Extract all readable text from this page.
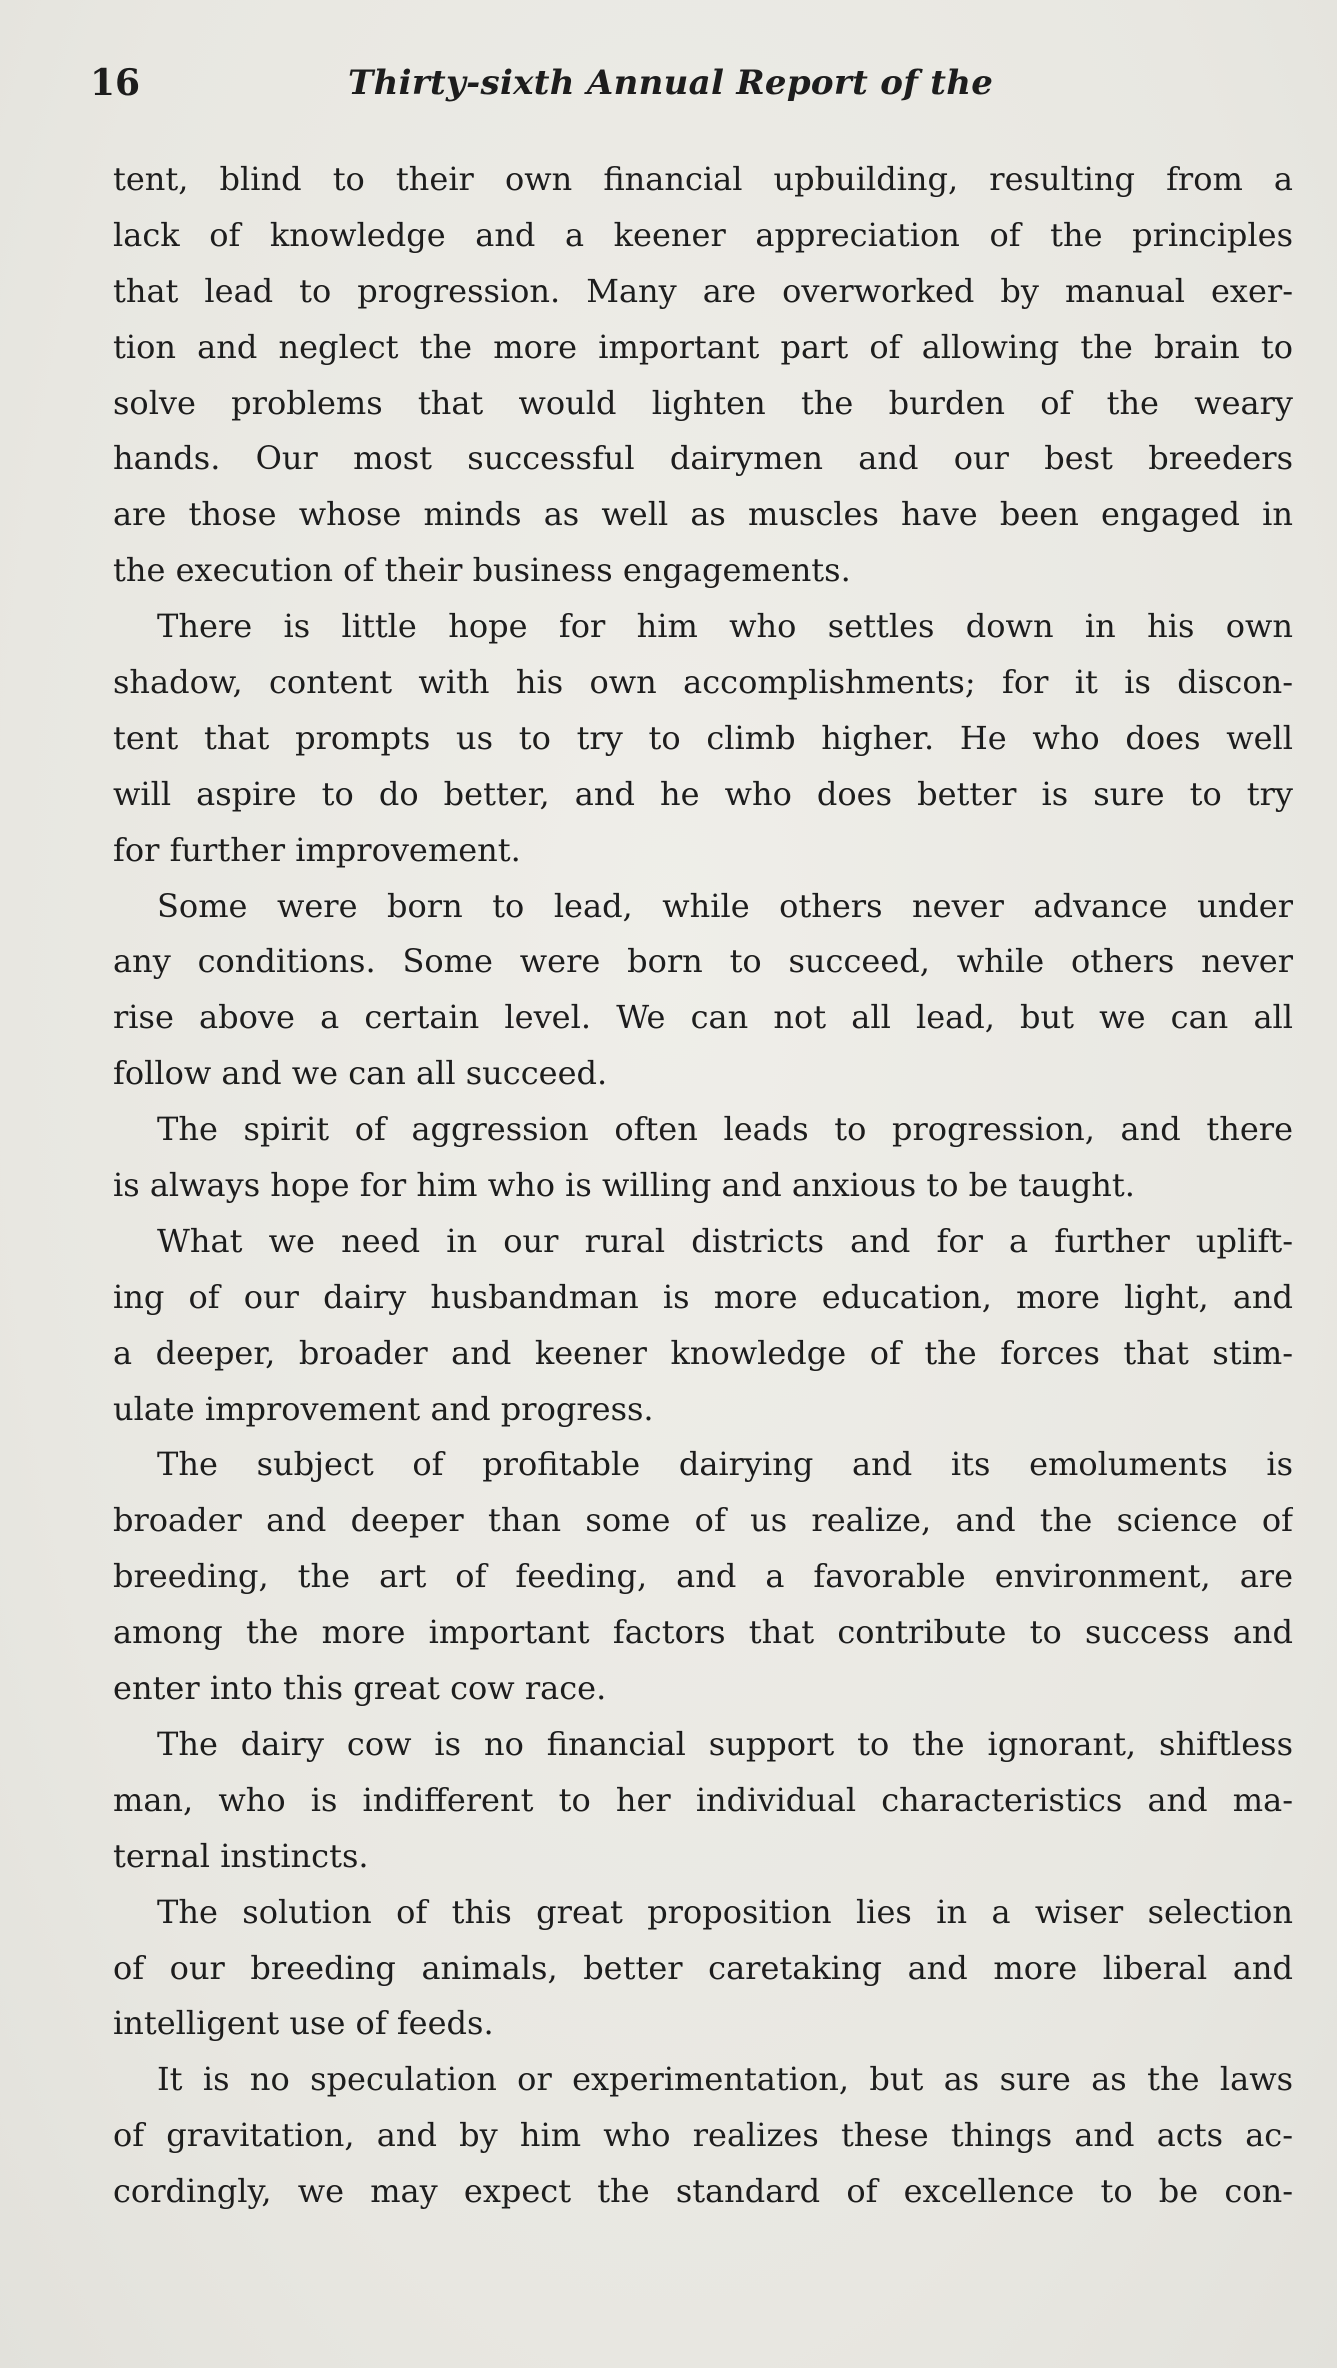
16	Thirty-sixth Annual Report of the
tent, blind to their own financial upbuilding, resulting from a
lack of knowledge and a keener appreciation of the principles
that lead to progression. Many are overworked by manual exer-
tion and neglect the more important part of allowing the brain to
solve problems that would lighten the burden of the weary
hands. Our most successful dairymen and our best breeders
are those whose minds as well as muscles have been engaged in
the execution of their business engagements.
There is little hope for him who settles down in his own
shadow, content with his own accomplishments; for it is discon-
tent that prompts us to try to climb higher. He who does well
will aspire to do better, and he who does better is sure to try
for further improvement.
Some were born to lead, while others never advance under
any conditions. Some were born to succeed, while others never
rise above a certain level. We can not all lead, but we can all
follow and we can all succeed.
The spirit of aggression often leads to progression, and there
is always hope for him who is willing and anxious to be taught.
What we need in our rural districts and for a further uplift-
ing of our dairy husbandman is more education, more light, and
a deeper, broader and keener knowledge of the forces that stim-
ulate improvement and progress.
The subject of profitable dairying and its emoluments is
broader and deeper than some of us realize, and the science of
breeding, the art of feeding, and a favorable environment, are
among the more important factors that contribute to success and
enter into this great cow race.
The dairy cow is no financial support to the ignorant, shiftless
man, who is indifferent to her individual characteristics and ma-
ternal instincts.
The solution of this great proposition lies in a wiser selection
of our breeding animals, better caretaking and more liberal and
intelligent use of feeds.
It is no speculation or experimentation, but as sure as the laws
of gravitation, and by him who realizes these things and acts ac-
cordingly, we may expect the standard of excellence to be con-
